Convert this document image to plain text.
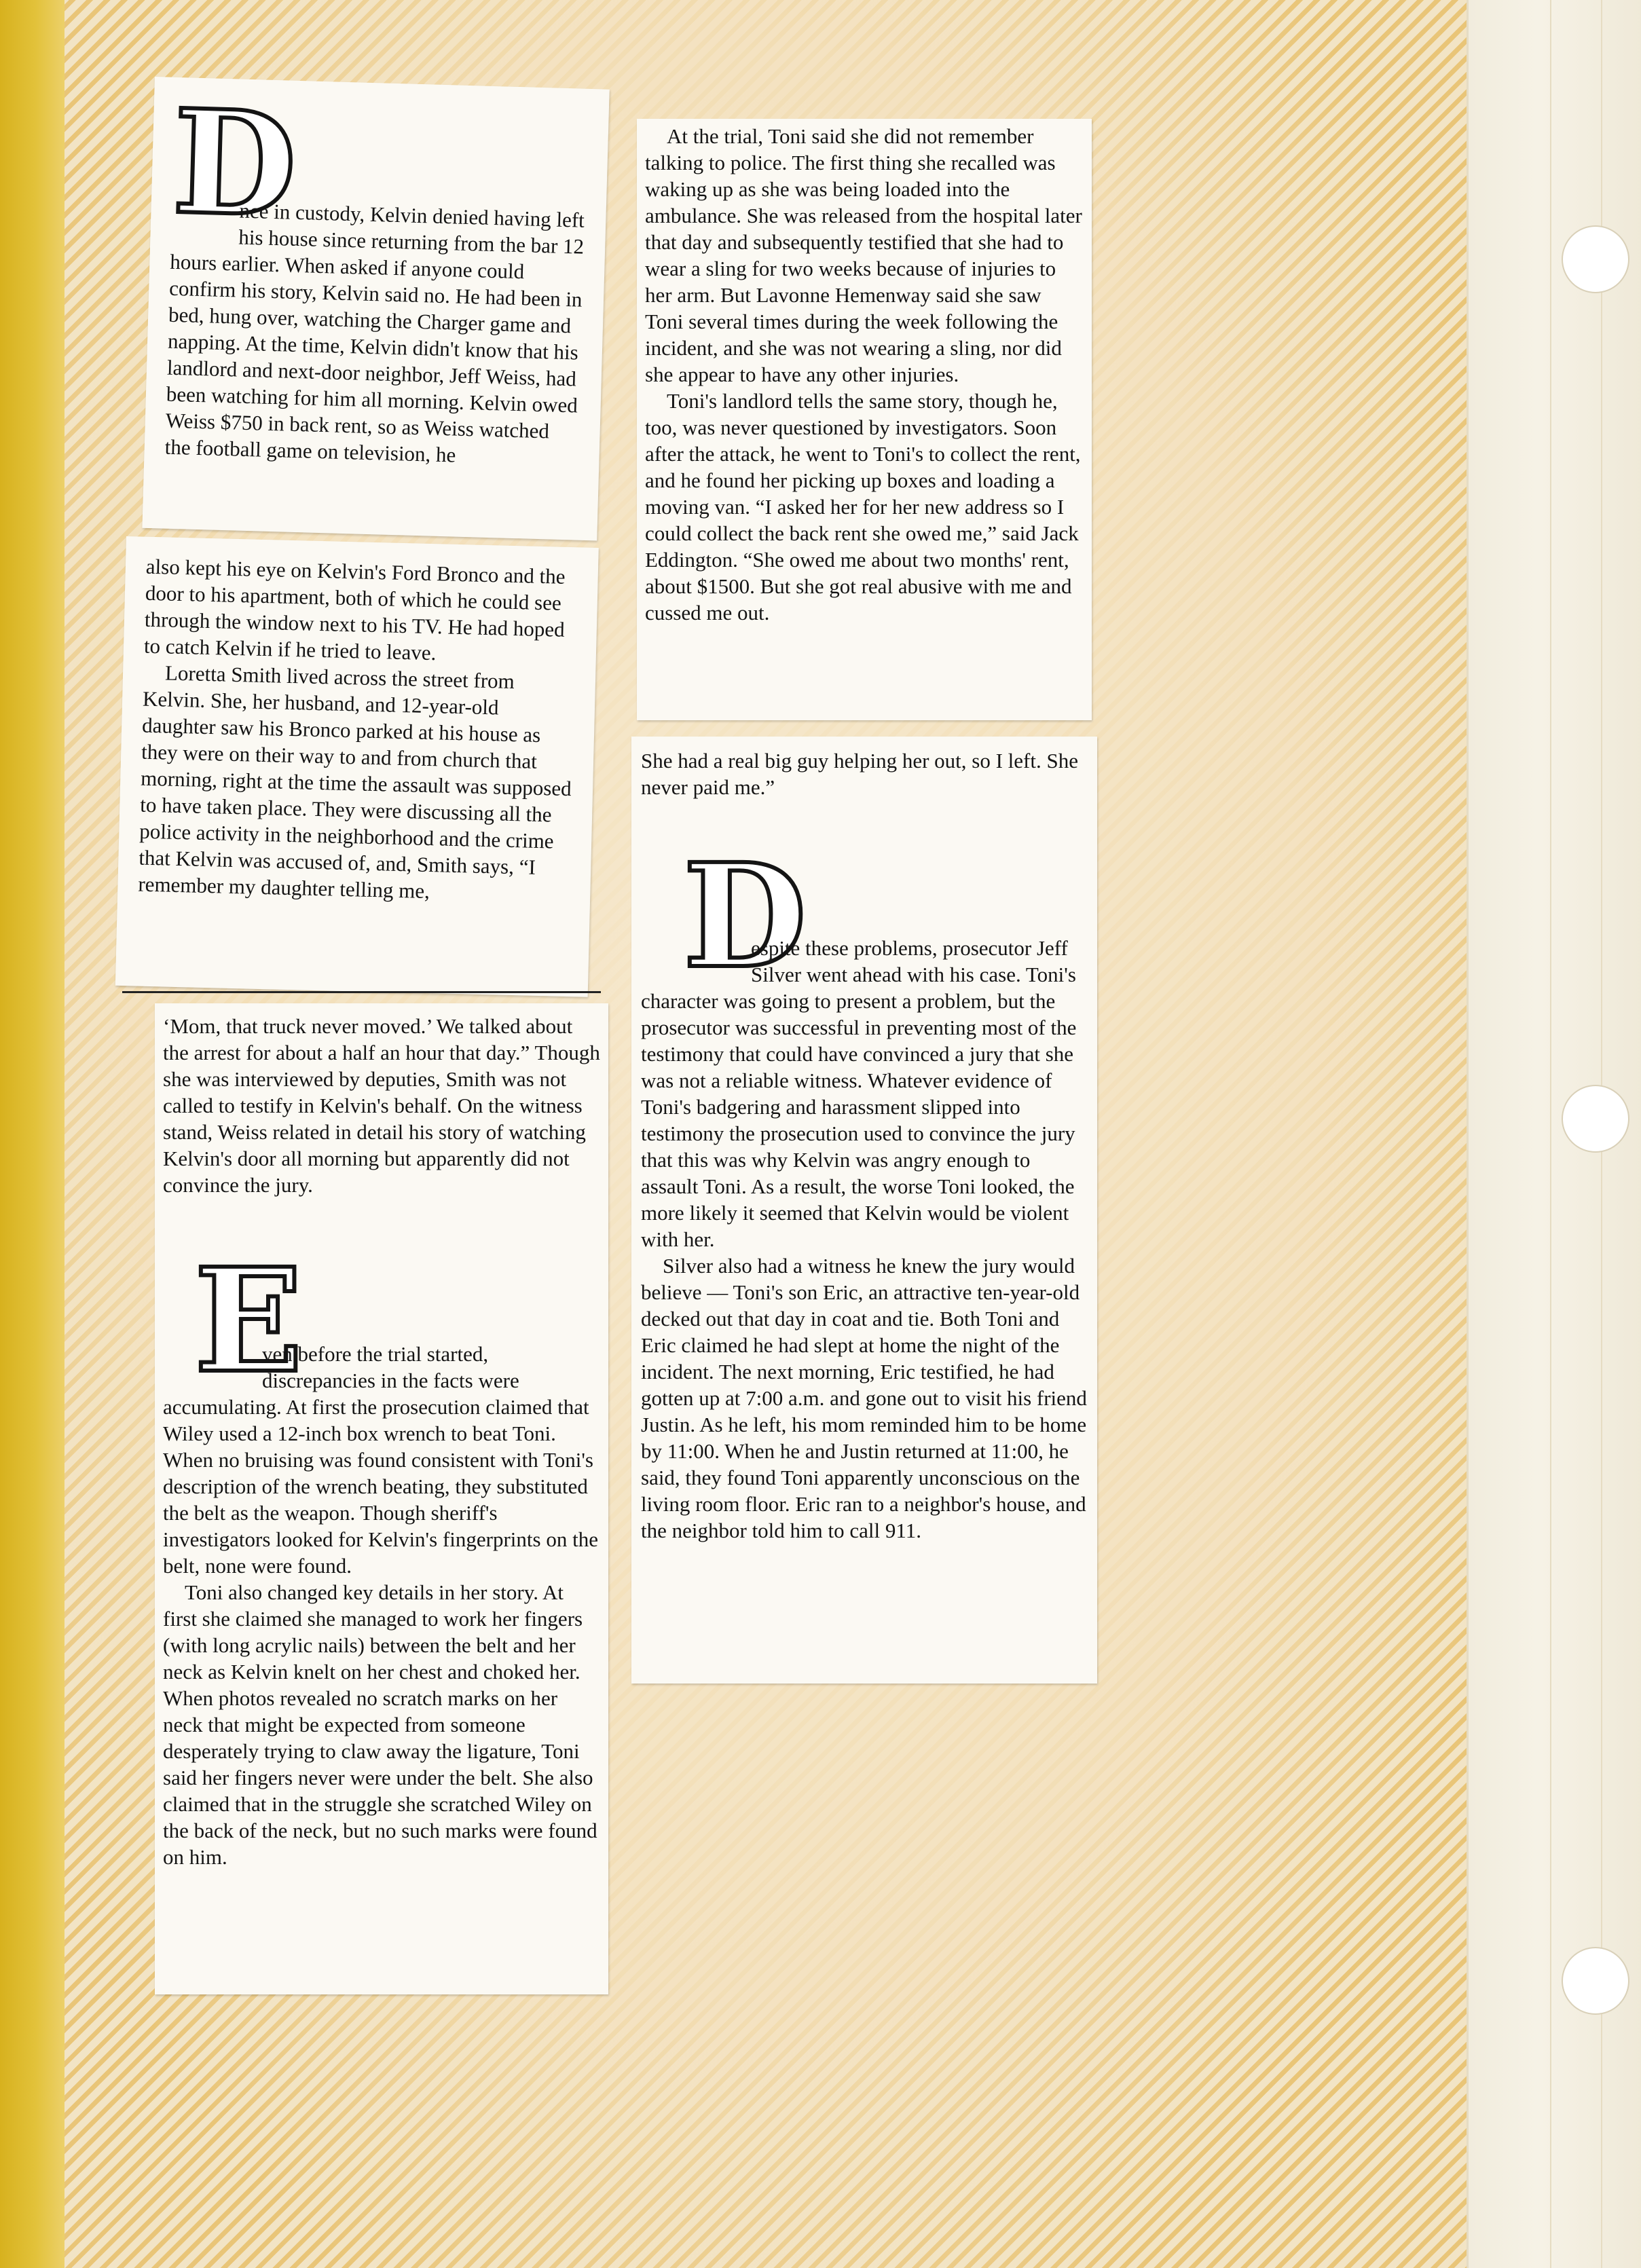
D

nce in custody, Kelvin denied having left his house since returning from the bar 12 hours earlier. When asked if anyone could confirm his story, Kelvin said no. He had been in bed, hung over, watching the Charger game and napping. At the time, Kelvin didn't know that his landlord and next-door neighbor, Jeff Weiss, had been watching for him all morning. Kelvin owed Weiss $750 in back rent, so as Weiss watched the football game on television, he

also kept his eye on Kelvin's Ford Bronco and the door to his apartment, both of which he could see through the window next to his TV. He had hoped to catch Kelvin if he tried to leave.

Loretta Smith lived across the street from Kelvin. She, her husband, and 12-year-old daughter saw his Bronco parked at his house as they were on their way to and from church that morning, right at the time the assault was supposed to have taken place. They were discussing all the police activity in the neighborhood and the crime that Kelvin was accused of, and, Smith says, “I remember my daughter telling me,

‘Mom, that truck never moved.’ We talked about the arrest for about a half an hour that day.” Though she was interviewed by deputies, Smith was not called to testify in Kelvin's behalf. On the witness stand, Weiss related in detail his story of watching Kelvin's door all morning but apparently did not convince the jury.

E

ven before the trial started, discrepancies in the facts were accumulating. At first the prosecution claimed that Wiley used a 12-inch box wrench to beat Toni. When no bruising was found consistent with Toni's description of the wrench beating, they substituted the belt as the weapon. Though sheriff's investigators looked for Kelvin's fingerprints on the belt, none were found.

Toni also changed key details in her story. At first she claimed she managed to work her fingers (with long acrylic nails) between the belt and her neck as Kelvin knelt on her chest and choked her. When photos revealed no scratch marks on her neck that might be expected from someone desperately trying to claw away the ligature, Toni said her fingers never were under the belt. She also claimed that in the struggle she scratched Wiley on the back of the neck, but no such marks were found on him.

At the trial, Toni said she did not remember talking to police. The first thing she recalled was waking up as she was being loaded into the ambulance. She was released from the hospital later that day and subsequently testified that she had to wear a sling for two weeks because of injuries to her arm. But Lavonne Hemenway said she saw Toni several times during the week following the incident, and she was not wearing a sling, nor did she appear to have any other injuries.

Toni's landlord tells the same story, though he, too, was never questioned by investigators. Soon after the attack, he went to Toni's to collect the rent, and he found her picking up boxes and loading a moving van. “I asked her for her new address so I could collect the back rent she owed me,” said Jack Eddington. “She owed me about two months' rent, about $1500. But she got real abusive with me and cussed me out.

She had a real big guy helping her out, so I left. She never paid me.”

D

espite these problems, prosecutor Jeff Silver went ahead with his case. Toni's character was going to present a problem, but the prosecutor was successful in preventing most of the testimony that could have convinced a jury that she was not a reliable witness. Whatever evidence of Toni's badgering and harassment slipped into testimony the prosecution used to convince the jury that this was why Kelvin was angry enough to assault Toni. As a result, the worse Toni looked, the more likely it seemed that Kelvin would be violent with her.

Silver also had a witness he knew the jury would believe — Toni's son Eric, an attractive ten-year-old decked out that day in coat and tie. Both Toni and Eric claimed he had slept at home the night of the incident. The next morning, Eric testified, he had gotten up at 7:00 a.m. and gone out to visit his friend Justin. As he left, his mom reminded him to be home by 11:00. When he and Justin returned at 11:00, he said, they found Toni apparently unconscious on the living room floor. Eric ran to a neighbor's house, and the neighbor told him to call 911.
